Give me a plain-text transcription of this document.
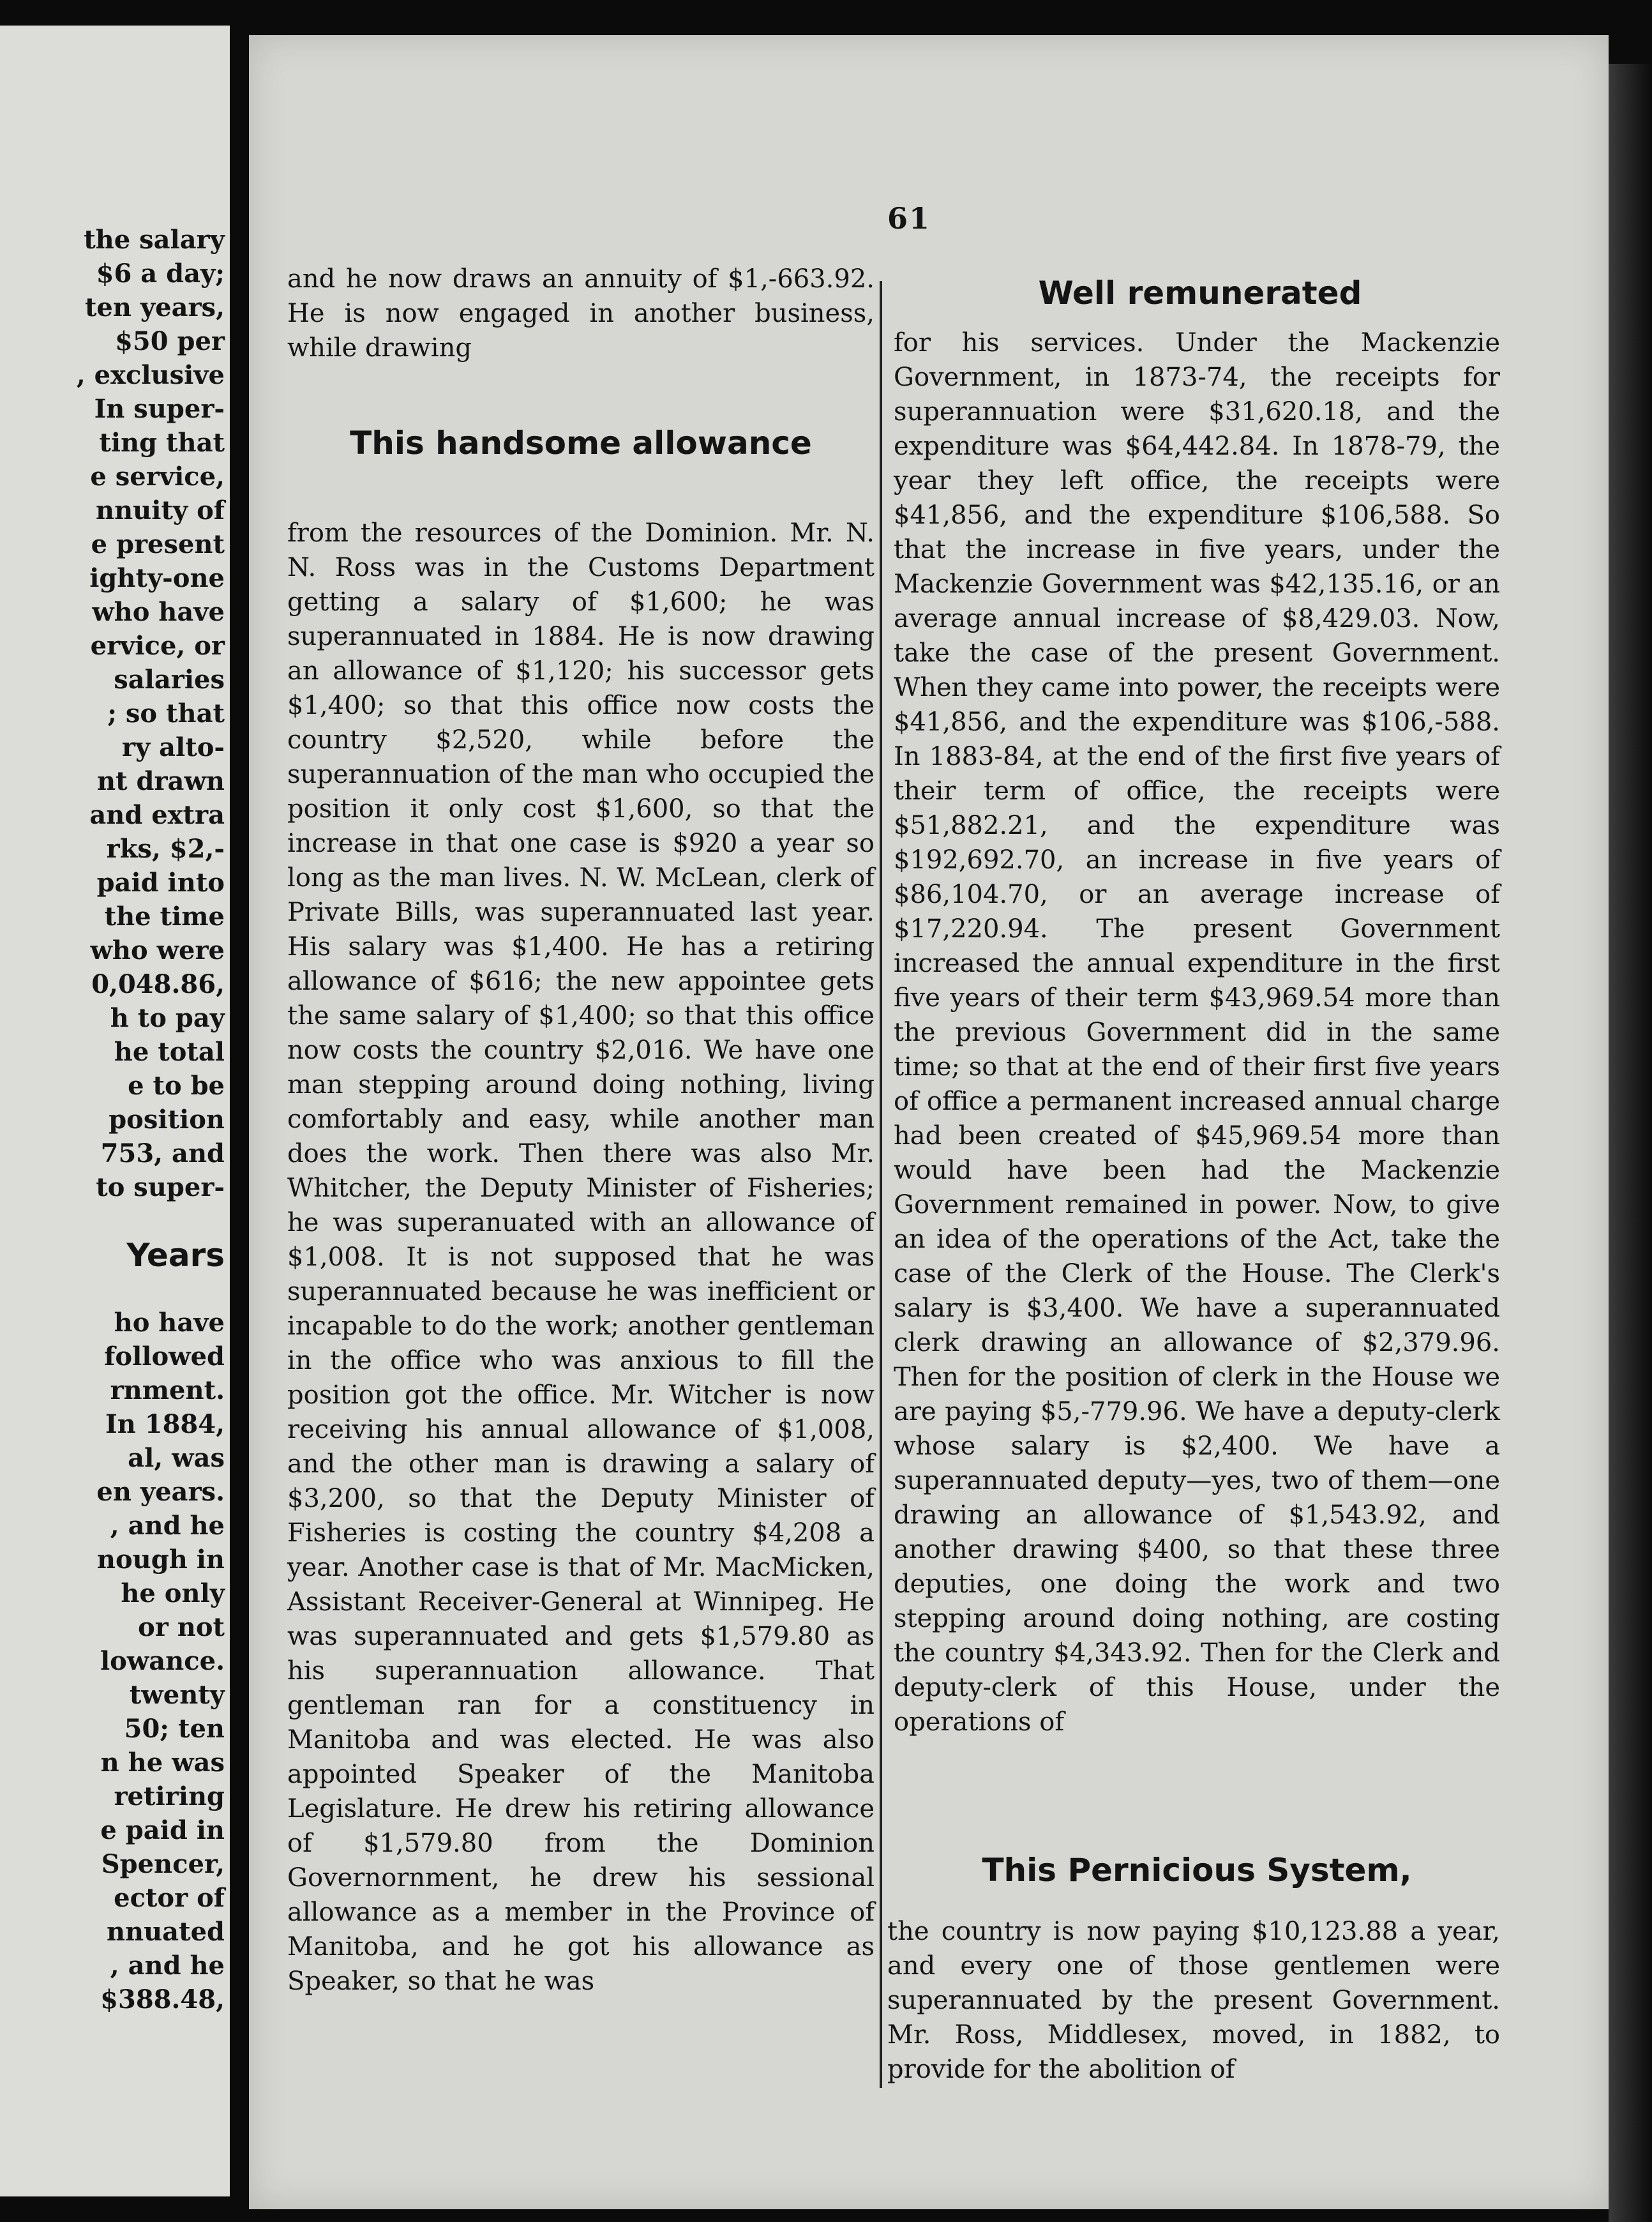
the salary
$6 a day;
ten years,
$50 per
, exclusive
In super-
ting that
e service,
nnuity of
e present
ighty-one
who have
ervice, or
salaries
; so that
ry alto-
nt drawn
and extra
rks, $2,-
paid into
the time
who were
0,048.86,
h to pay
he total
e to be
position
753, and
to super-
Years
ho have
followed
rnment.
In 1884,
al, was
en years.
, and he
nough in
he only
or not
lowance.
twenty
50; ten
n he was
retiring
e paid in
Spencer,
ector of
nnuated
, and he
$388.48,
61

and he now draws an annuity of $1,-663.92. He is now engaged in another business, while drawing

This handsome allowance

from the resources of the Dominion. Mr. N. N. Ross was in the Customs Department getting a salary of $1,600; he was superannuated in 1884. He is now drawing an allowance of $1,120; his successor gets $1,400; so that this office now costs the country $2,520, while before the superannuation of the man who occupied the position it only cost $1,600, so that the increase in that one case is $920 a year so long as the man lives. N. W. McLean, clerk of Private Bills, was superannuated last year. His salary was $1,400. He has a retiring allowance of $616; the new appointee gets the same salary of $1,400; so that this office now costs the country $2,016. We have one man stepping around doing nothing, living comfortably and easy, while another man does the work. Then there was also Mr. Whitcher, the Deputy Minister of Fisheries; he was superanuated with an allowance of $1,008. It is not supposed that he was superannuated because he was inefficient or incapable to do the work; another gentleman in the office who was anxious to fill the position got the office. Mr. Witcher is now receiving his annual allowance of $1,008, and the other man is drawing a salary of $3,200, so that the Deputy Minister of Fisheries is costing the country $4,208 a year. Another case is that of Mr. MacMicken, Assistant Receiver-General at Winnipeg. He was superannuated and gets $1,579.80 as his superannuation allowance. That gentleman ran for a constituency in Manitoba and was elected. He was also appointed Speaker of the Manitoba Legislature. He drew his retiring allowance of $1,579.80 from the Dominion Governornment, he drew his sessional allowance as a member in the Province of Manitoba, and he got his allowance as Speaker, so that he was

Well remunerated

for his services. Under the Mackenzie Government, in 1873-74, the receipts for superannuation were $31,620.18, and the expenditure was $64,442.84. In 1878-79, the year they left office, the receipts were $41,856, and the expenditure $106,588. So that the increase in five years, under the Mackenzie Government was $42,135.16, or an average annual increase of $8,429.03. Now, take the case of the present Government. When they came into power, the receipts were $41,856, and the expenditure was $106,-588. In 1883-84, at the end of the first five years of their term of office, the receipts were $51,882.21, and the expenditure was $192,692.70, an increase in five years of $86,104.70, or an average increase of $17,220.94. The present Government increased the annual expenditure in the first five years of their term $43,969.54 more than the previous Government did in the same time; so that at the end of their first five years of office a permanent increased annual charge had been created of $45,969.54 more than would have been had the Mackenzie Government remained in power. Now, to give an idea of the operations of the Act, take the case of the Clerk of the House. The Clerk's salary is $3,400. We have a superannuated clerk drawing an allowance of $2,379.96. Then for the position of clerk in the House we are paying $5,-779.96. We have a deputy-clerk whose salary is $2,400. We have a superannuated deputy—yes, two of them—one drawing an allowance of $1,543.92, and another drawing $400, so that these three deputies, one doing the work and two stepping around doing nothing, are costing the country $4,343.92. Then for the Clerk and deputy-clerk of this House, under the operations of

This Pernicious System,

the country is now paying $10,123.88 a year, and every one of those gentlemen were superannuated by the present Government. Mr. Ross, Middlesex, moved, in 1882, to provide for the abolition of
